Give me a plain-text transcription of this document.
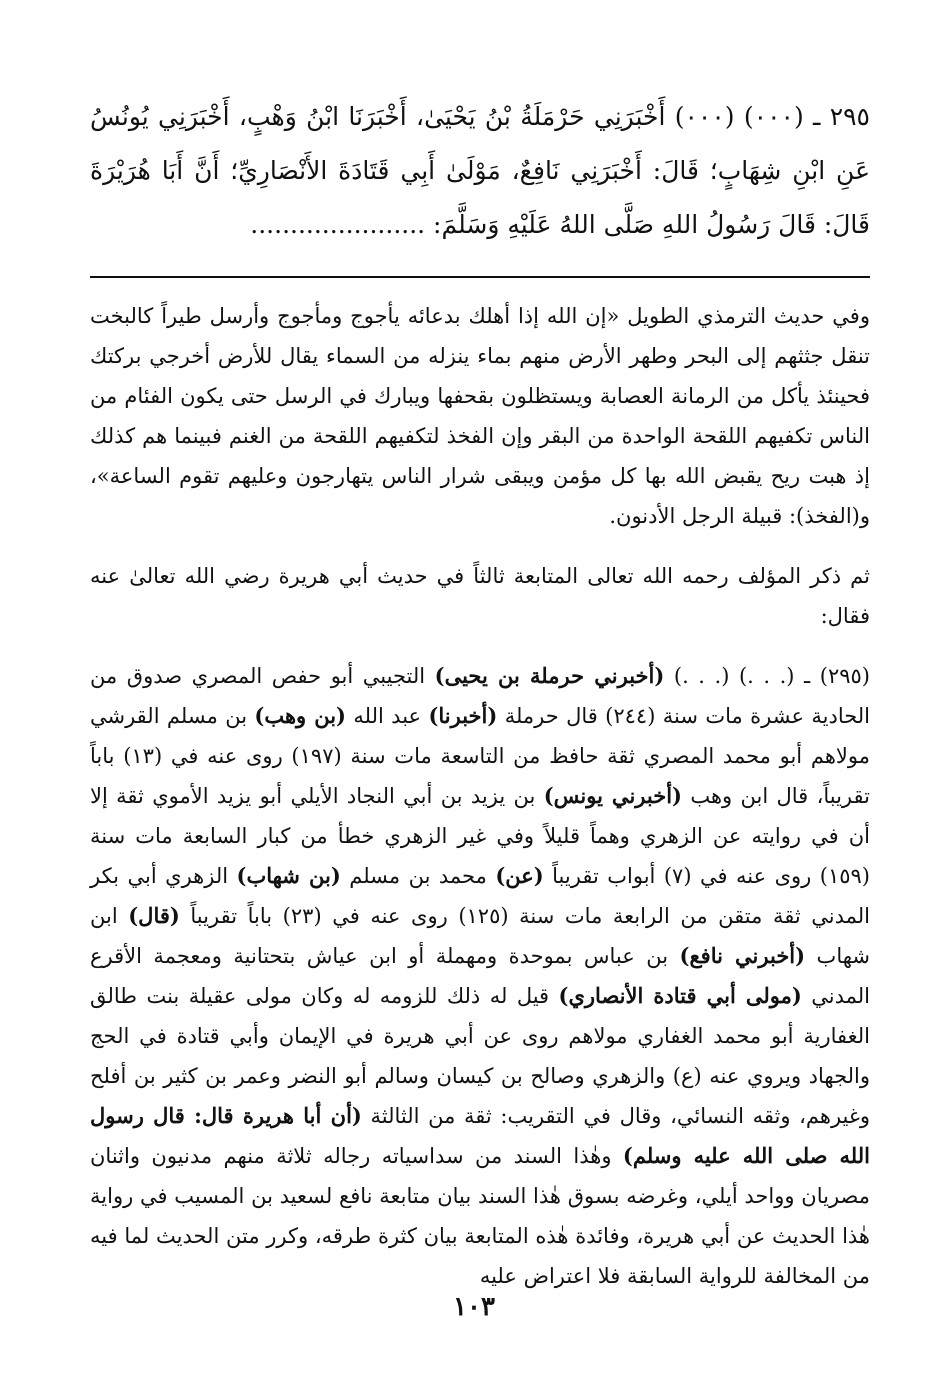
٢٩٥ ـ (٠٠٠) (٠٠٠) أَخْبَرَنِي حَرْمَلَةُ بْنُ يَحْيَىٰ، أَخْبَرَنَا ابْنُ وَهْبٍ، أَخْبَرَنِي يُونُسُ عَنِ ابْنِ شِهَابٍ؛ قَالَ: أَخْبَرَنِي نَافِعٌ، مَوْلَىٰ أَبِي قَتَادَةَ الأَنْصَارِيِّ؛ أَنَّ أَبَا هُرَيْرَةَ قَالَ: قَالَ رَسُولُ اللهِ صَلَّى اللهُ عَلَيْهِ وَسَلَّمَ: ......................

وفي حديث الترمذي الطويل «إن الله إذا أهلك بدعائه يأجوج ومأجوج وأرسل طيراً كالبخت تنقل جثثهم إلى البحر وطهر الأرض منهم بماء ينزله من السماء يقال للأرض أخرجي بركتك فحينئذ يأكل من الرمانة العصابة ويستظلون بقحفها ويبارك في الرسل حتى يكون الفئام من الناس تكفيهم اللقحة الواحدة من البقر وإن الفخذ لتكفيهم اللقحة من الغنم فبينما هم كذلك إذ هبت ريح يقبض الله بها كل مؤمن ويبقى شرار الناس يتهارجون وعليهم تقوم الساعة»، و(الفخذ): قبيلة الرجل الأدنون.

ثم ذكر المؤلف رحمه الله تعالى المتابعة ثالثاً في حديث أبي هريرة رضي الله تعالىٰ عنه فقال:

(٢٩٥) ـ (. . .) (. . .) (أخبرني حرملة بن يحيى) التجيبي أبو حفص المصري صدوق من الحادية عشرة مات سنة (٢٤٤) قال حرملة (أخبرنا) عبد الله (بن وهب) بن مسلم القرشي مولاهم أبو محمد المصري ثقة حافظ من التاسعة مات سنة (١٩٧) روى عنه في (١٣) باباً تقريباً، قال ابن وهب (أخبرني يونس) بن يزيد بن أبي النجاد الأيلي أبو يزيد الأموي ثقة إلا أن في روايته عن الزهري وهماً قليلاً وفي غير الزهري خطأ من كبار السابعة مات سنة (١٥٩) روى عنه في (٧) أبواب تقريباً (عن) محمد بن مسلم (بن شهاب) الزهري أبي بكر المدني ثقة متقن من الرابعة مات سنة (١٢٥) روى عنه في (٢٣) باباً تقريباً (قال) ابن شهاب (أخبرني نافع) بن عباس بموحدة ومهملة أو ابن عياش بتحتانية ومعجمة الأقرع المدني (مولى أبي قتادة الأنصاري) قيل له ذلك للزومه له وكان مولى عقيلة بنت طالق الغفارية أبو محمد الغفاري مولاهم روى عن أبي هريرة في الإيمان وأبي قتادة في الحج والجهاد ويروي عنه (ع) والزهري وصالح بن كيسان وسالم أبو النضر وعمر بن كثير بن أفلح وغيرهم، وثقه النسائي، وقال في التقريب: ثقة من الثالثة (أن أبا هريرة قال: قال رسول الله صلى الله عليه وسلم) وهٰذا السند من سداسياته رجاله ثلاثة منهم مدنيون واثنان مصريان وواحد أيلي، وغرضه بسوق هٰذا السند بيان متابعة نافع لسعيد بن المسيب في رواية هٰذا الحديث عن أبي هريرة، وفائدة هٰذه المتابعة بيان كثرة طرقه، وكرر متن الحديث لما فيه من المخالفة للرواية السابقة فلا اعتراض عليه

١٠٣
